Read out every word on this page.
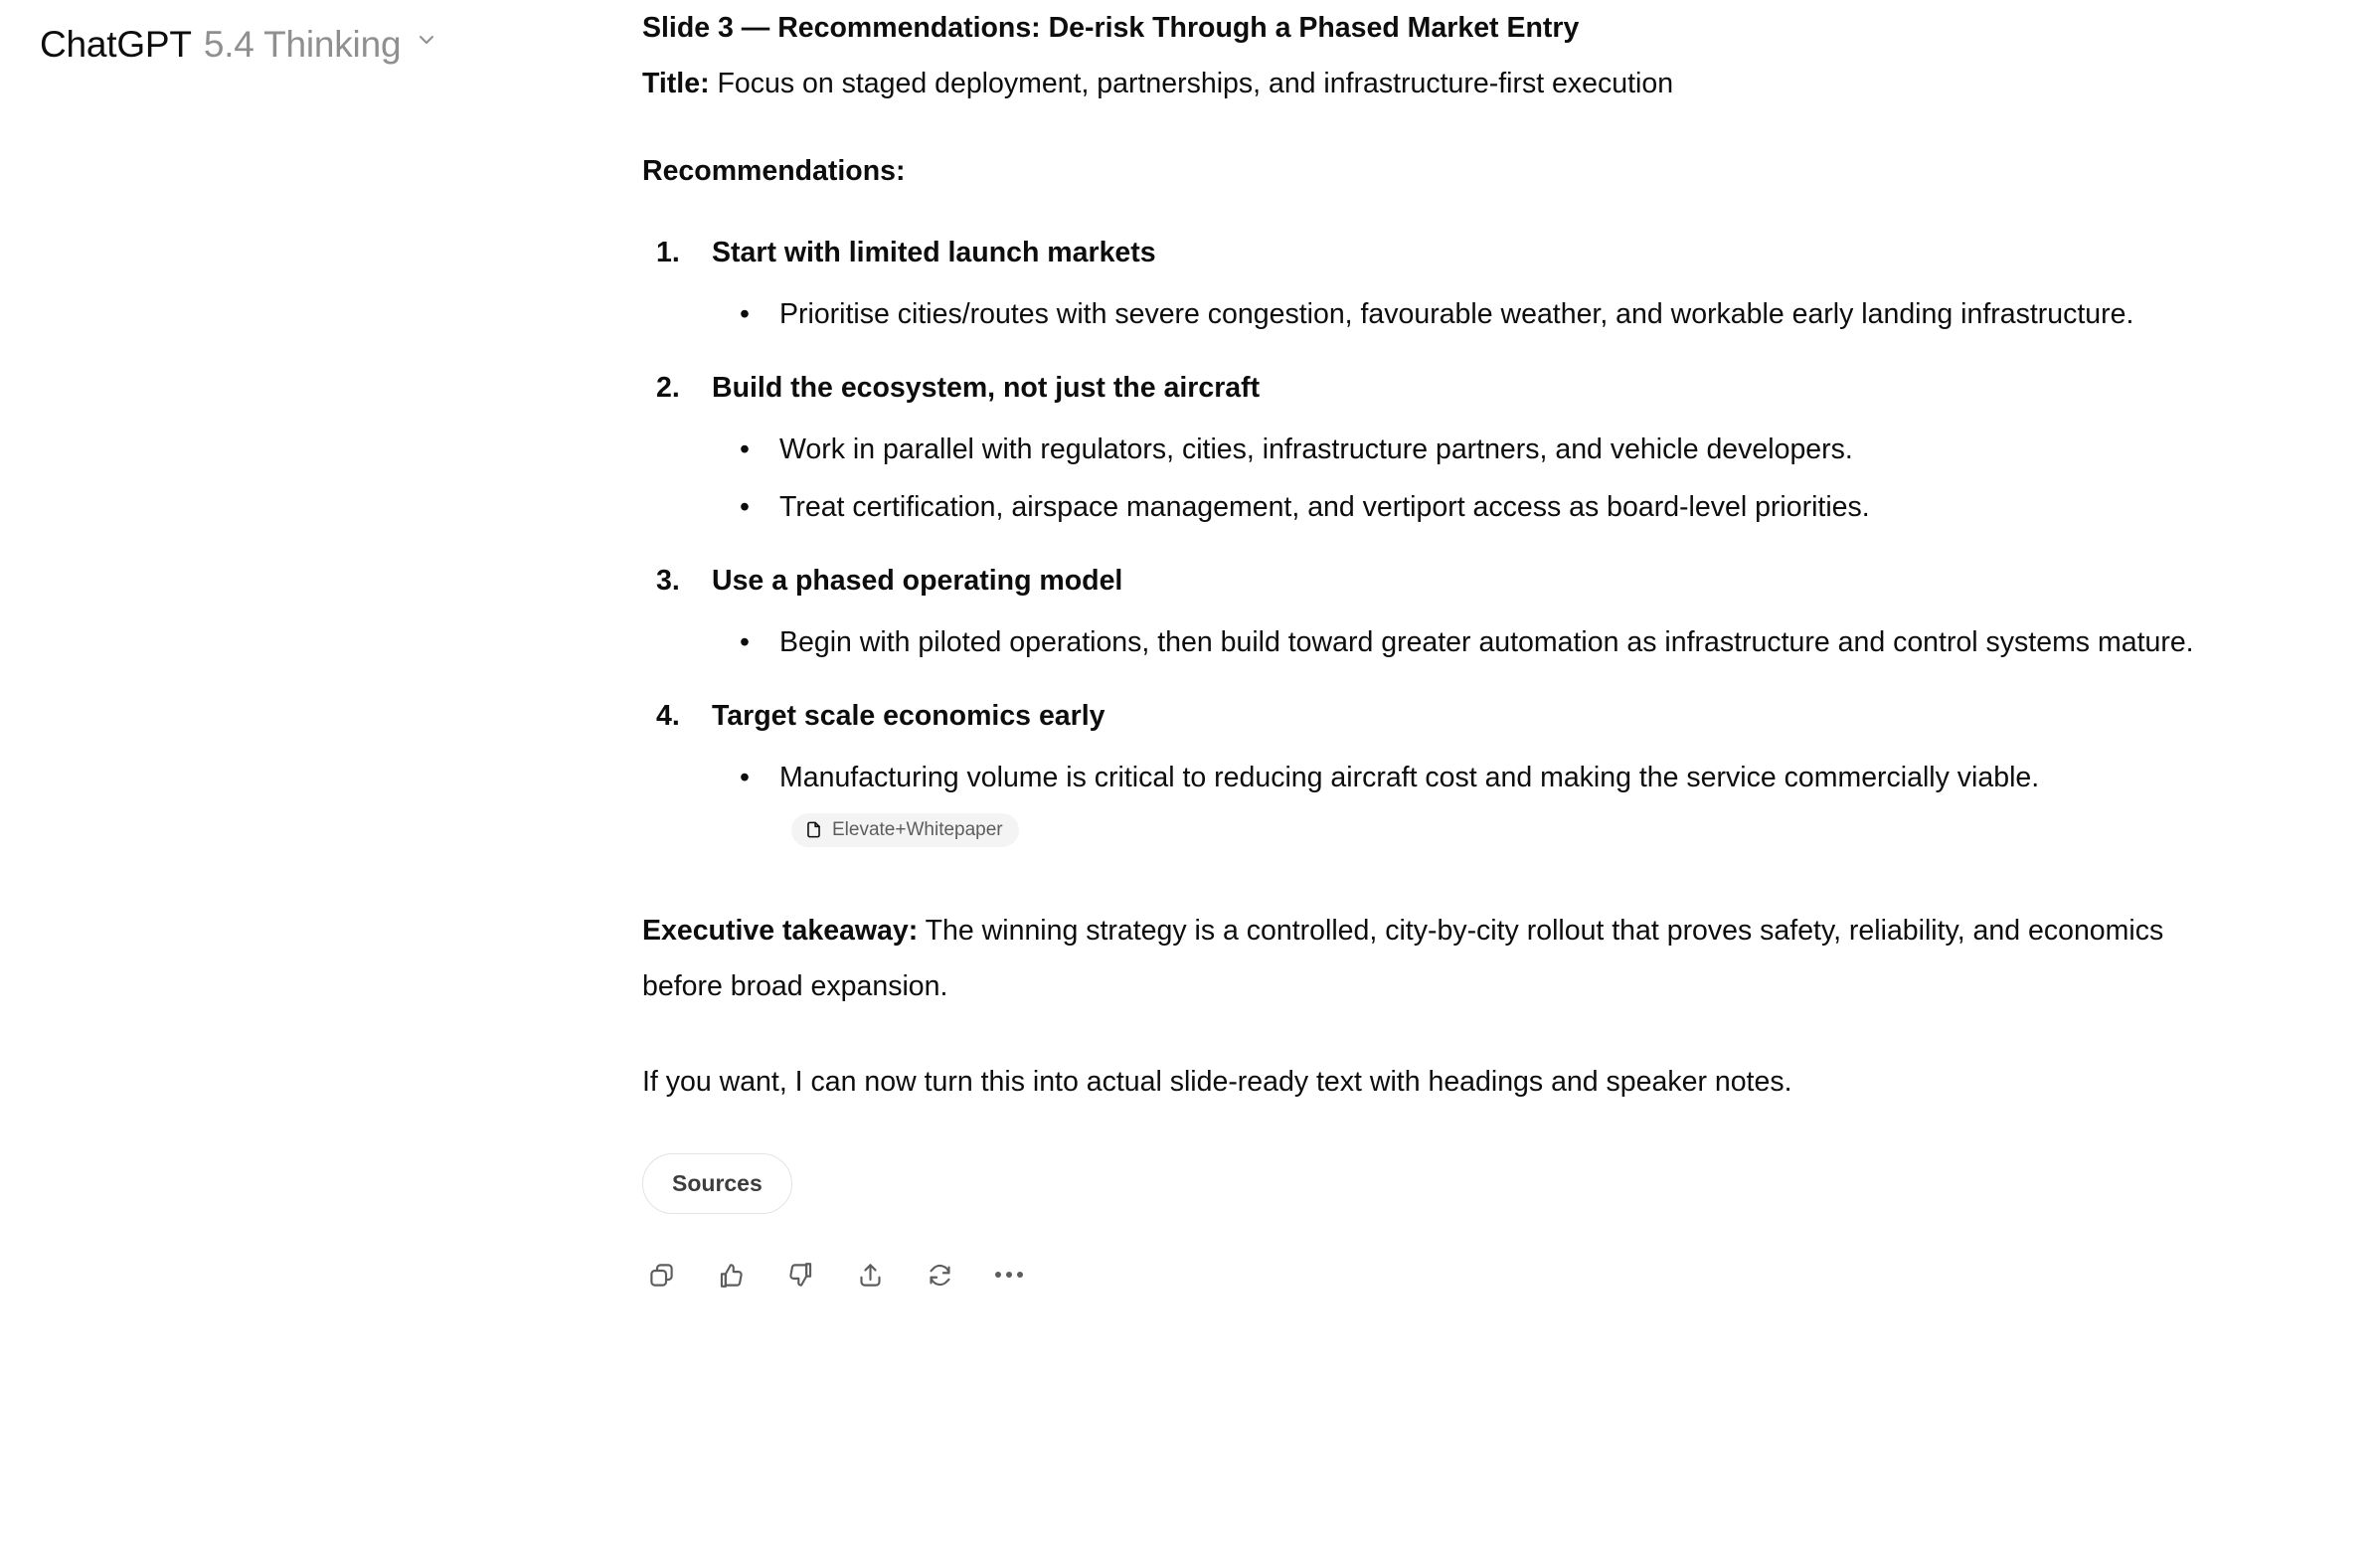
ChatGPT 5.4 Thinking	Slide 3 — Recommendations: De-risk Through a Phased Market Entry
Title: Focus on staged deployment, partnerships, and infrastructure-first execution
Recommendations:
Start with limited launch markets
• Prioritise cities/routes with severe congestion, favourable weather, and workable early landing infrastructure.
Build the ecosystem, not just the aircraft
• Work in parallel with regulators, cities, infrastructure partners, and vehicle developers.
• Treat certification, airspace management, and vertiport access as board-level priorities.
Use a phased operating model
• Begin with piloted operations, then build toward greater automation as infrastructure and control systems mature.
Target scale economics early
• Manufacturing volume is critical to reducing aircraft cost and making the service commercially viable.
Elevate+Whitepaper
Executive takeaway: The winning strategy is a controlled, city-by-city rollout that proves safety, reliability, and economics before broad expansion.
If you want, I can now turn this into actual slide-ready text with headings and speaker notes.
Sources
